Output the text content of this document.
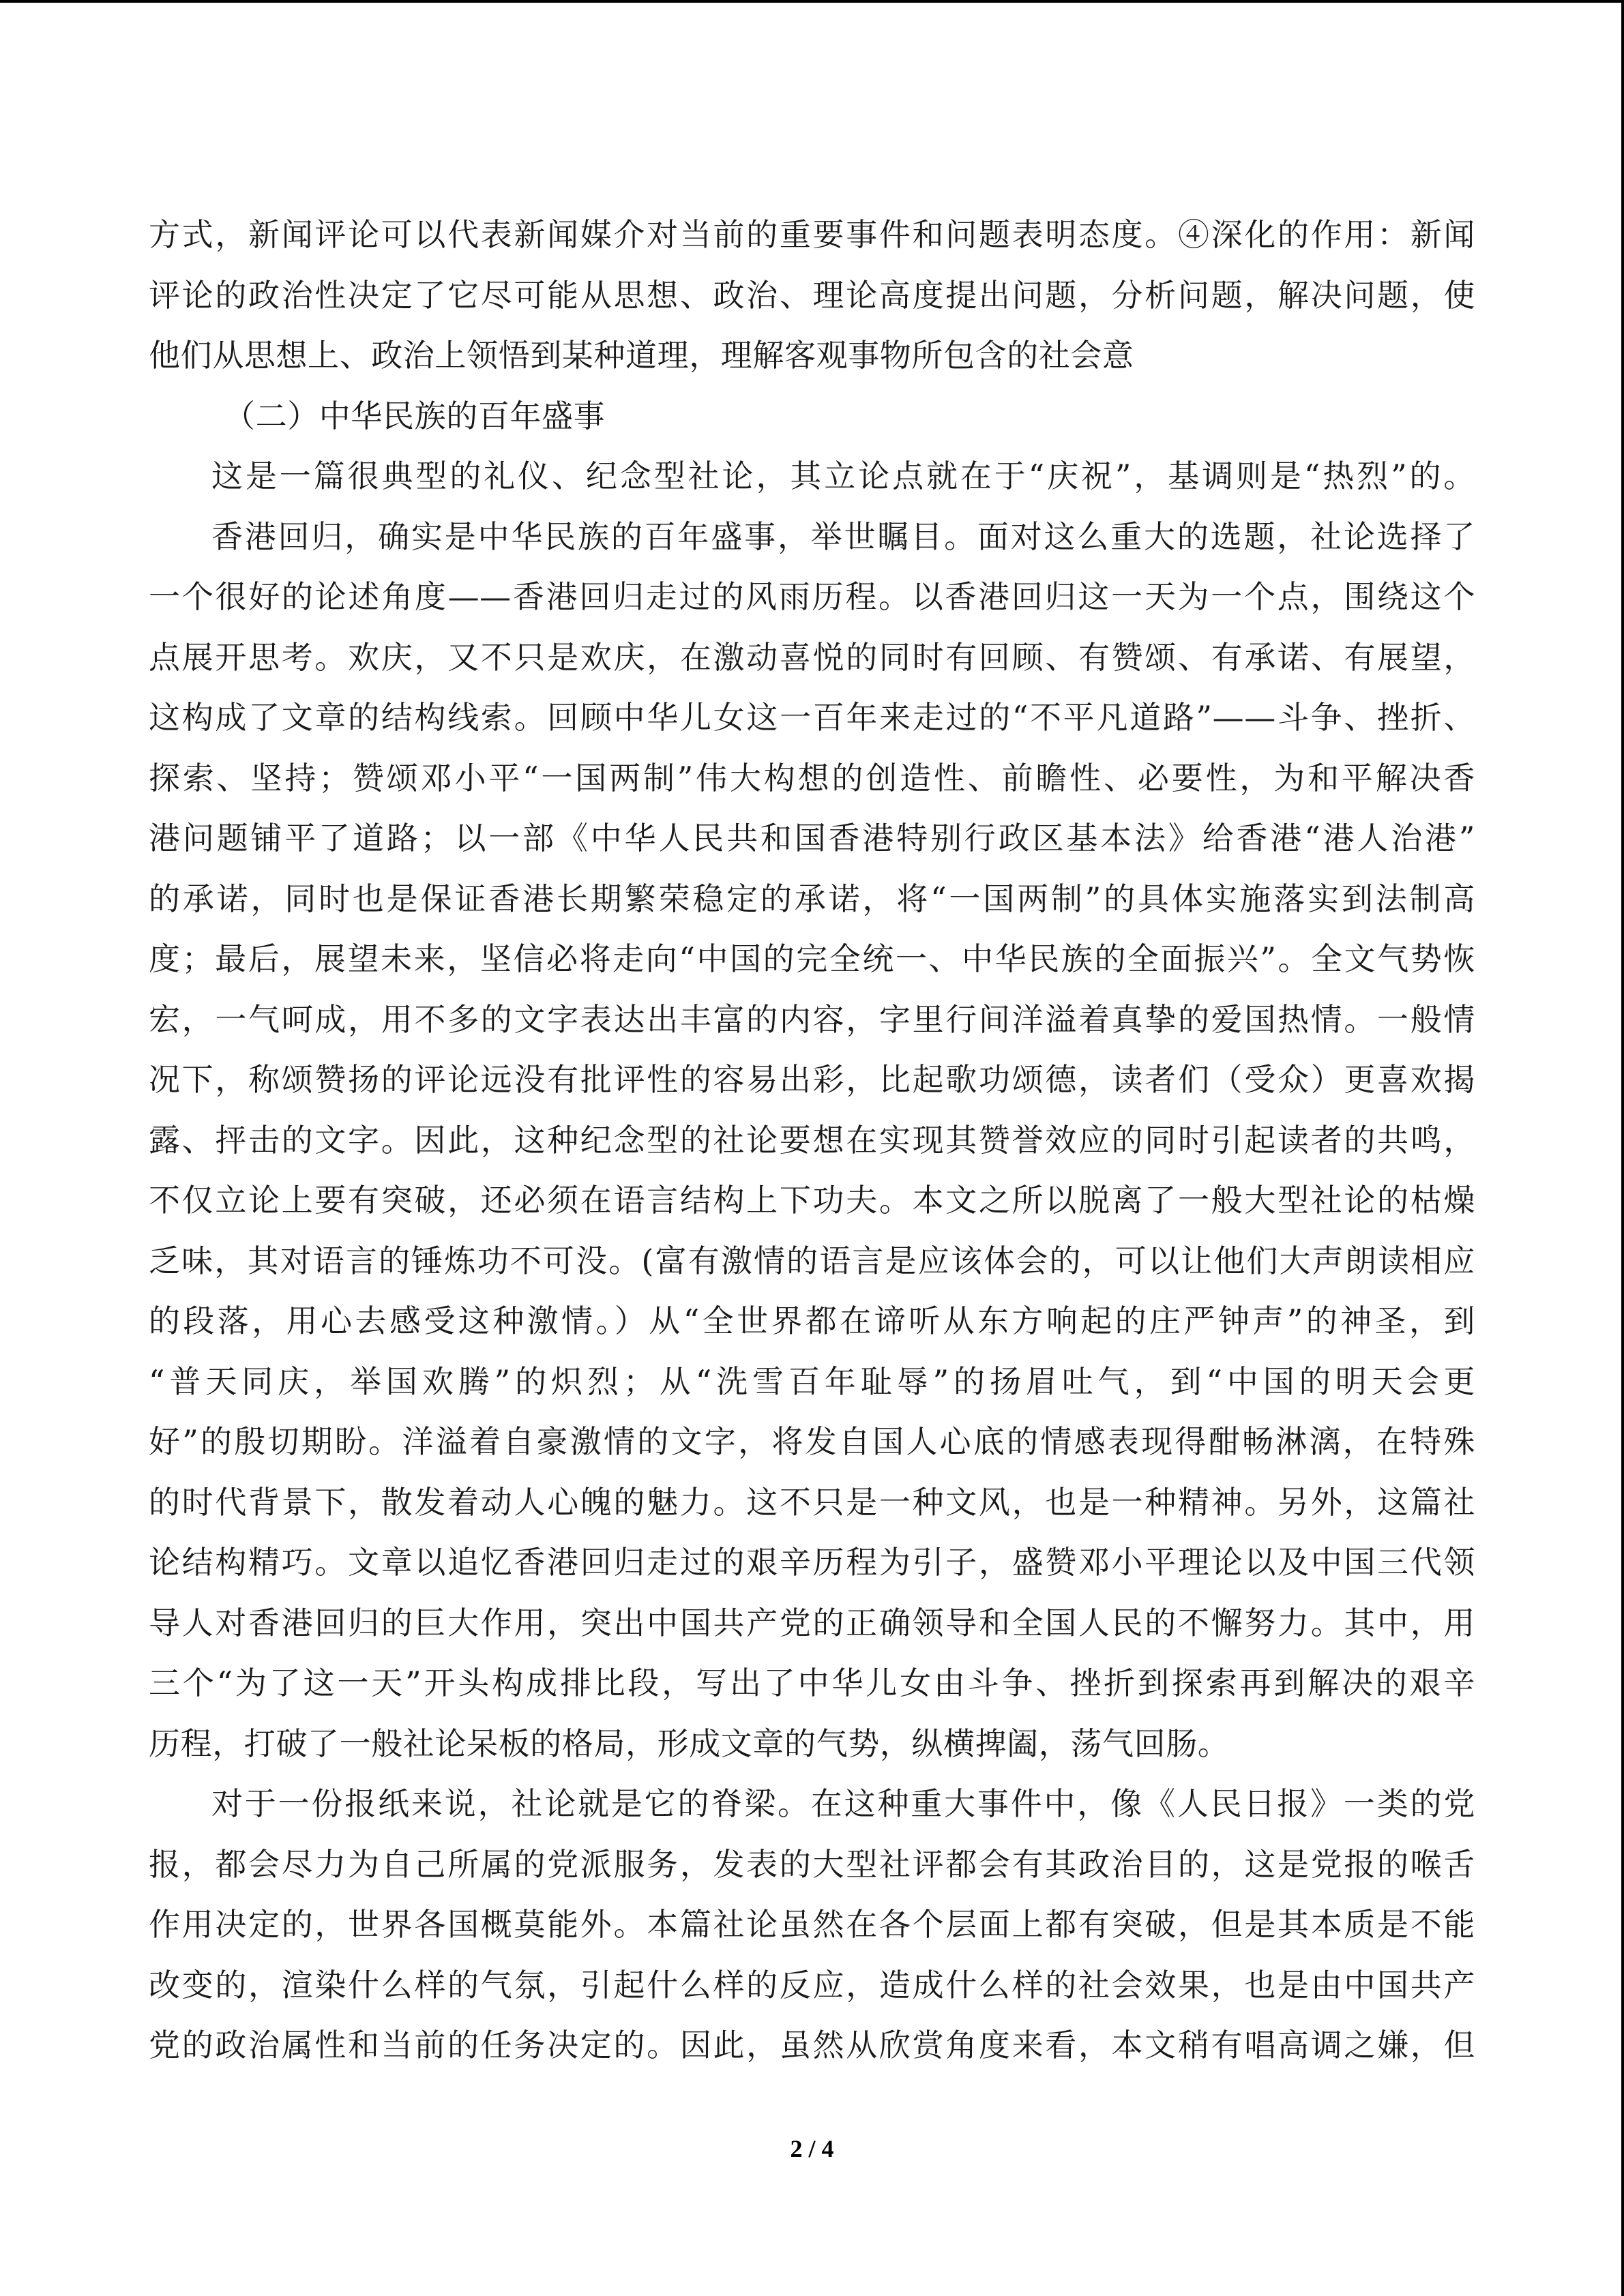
方式，新闻评论可以代表新闻媒介对当前的重要事件和问题表明态度。④深化的作用：新闻
评论的政治性决定了它尽可能从思想、政治、理论高度提出问题，分析问题，解决问题，使
他们从思想上、政治上领悟到某种道理，理解客观事物所包含的社会意
（二）中华民族的百年盛事
这是一篇很典型的礼仪、纪念型社论，其立论点就在于“庆祝”，基调则是“热烈”的。
香港回归，确实是中华民族的百年盛事，举世瞩目。面对这么重大的选题，社论选择了
一个很好的论述角度——香港回归走过的风雨历程。以香港回归这一天为一个点，围绕这个
点展开思考。欢庆，又不只是欢庆，在激动喜悦的同时有回顾、有赞颂、有承诺、有展望，
这构成了文章的结构线索。回顾中华儿女这一百年来走过的“不平凡道路”——斗争、挫折、
探索、坚持；赞颂邓小平“一国两制”伟大构想的创造性、前瞻性、必要性，为和平解决香
港问题铺平了道路；以一部《中华人民共和国香港特别行政区基本法》给香港“港人治港”
的承诺，同时也是保证香港长期繁荣稳定的承诺，将“一国两制”的具体实施落实到法制高
度；最后，展望未来，坚信必将走向“中国的完全统一、中华民族的全面振兴”。全文气势恢
宏，一气呵成，用不多的文字表达出丰富的内容，字里行间洋溢着真挚的爱国热情。一般情
况下，称颂赞扬的评论远没有批评性的容易出彩，比起歌功颂德，读者们（受众）更喜欢揭
露、抨击的文字。因此，这种纪念型的社论要想在实现其赞誉效应的同时引起读者的共鸣，
不仅立论上要有突破，还必须在语言结构上下功夫。本文之所以脱离了一般大型社论的枯燥
乏味，其对语言的锤炼功不可没。(富有激情的语言是应该体会的，可以让他们大声朗读相应
的段落，用心去感受这种激情。）从“全世界都在谛听从东方响起的庄严钟声”的神圣，到
“普天同庆，举国欢腾”的炽烈；从“洗雪百年耻辱”的扬眉吐气，到“中国的明天会更
好”的殷切期盼。洋溢着自豪激情的文字，将发自国人心底的情感表现得酣畅淋漓，在特殊
的时代背景下，散发着动人心魄的魅力。这不只是一种文风，也是一种精神。另外，这篇社
论结构精巧。文章以追忆香港回归走过的艰辛历程为引子，盛赞邓小平理论以及中国三代领
导人对香港回归的巨大作用，突出中国共产党的正确领导和全国人民的不懈努力。其中，用
三个“为了这一天”开头构成排比段，写出了中华儿女由斗争、挫折到探索再到解决的艰辛
历程，打破了一般社论呆板的格局，形成文章的气势，纵横捭阖，荡气回肠。
对于一份报纸来说，社论就是它的脊梁。在这种重大事件中，像《人民日报》一类的党
报，都会尽力为自己所属的党派服务，发表的大型社评都会有其政治目的，这是党报的喉舌
作用决定的，世界各国概莫能外。本篇社论虽然在各个层面上都有突破，但是其本质是不能
改变的，渲染什么样的气氛，引起什么样的反应，造成什么样的社会效果，也是由中国共产
党的政治属性和当前的任务决定的。因此，虽然从欣赏角度来看，本文稍有唱高调之嫌，但
2 / 4
